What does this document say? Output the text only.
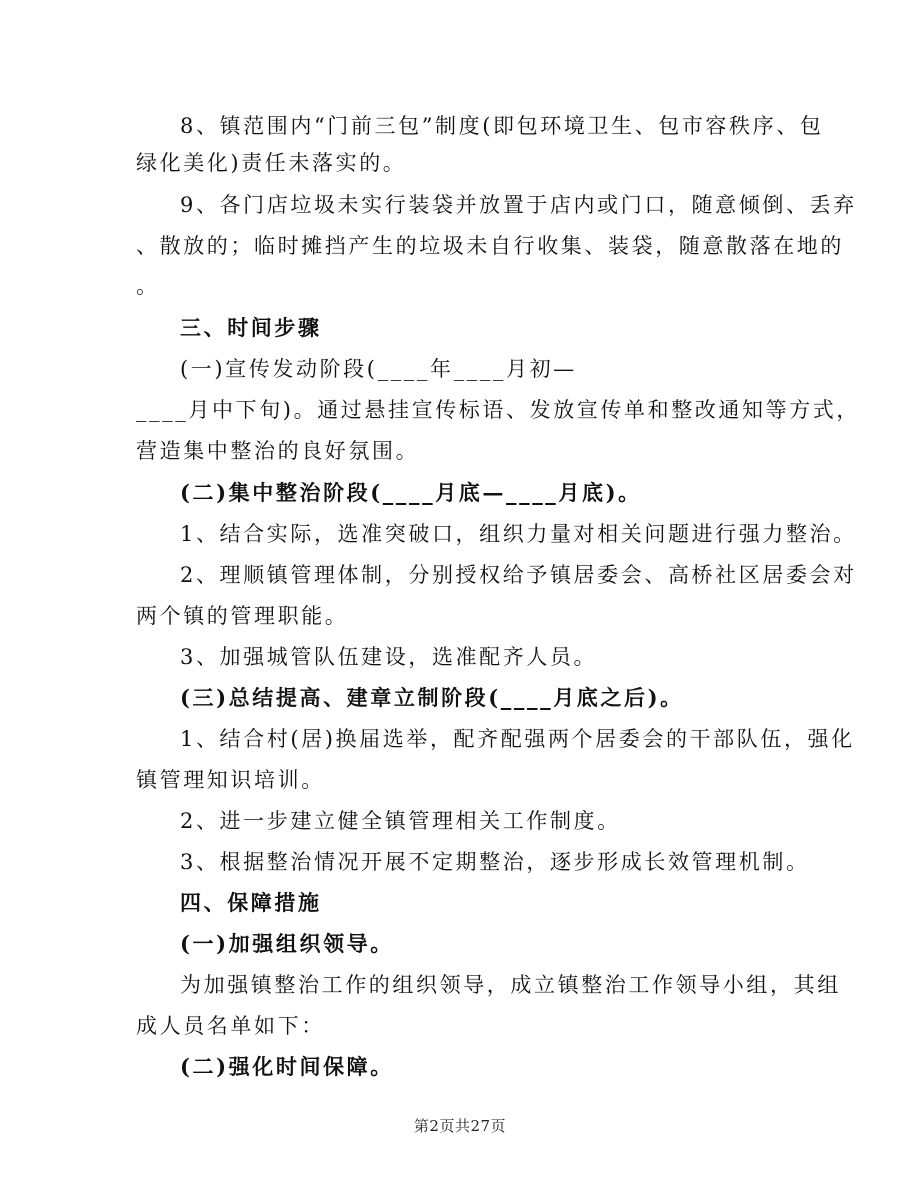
8、镇范围内“门前三包”制度(即包环境卫生、包市容秩序、包
绿化美化)责任未落实的。
9、各门店垃圾未实行装袋并放置于店内或门口，随意倾倒、丢弃
、散放的；临时摊挡产生的垃圾未自行收集、装袋，随意散落在地的
。
三、时间步骤
(一)宣传发动阶段(____年____月初—
____月中下旬)。通过悬挂宣传标语、发放宣传单和整改通知等方式，
营造集中整治的良好氛围。
(二)集中整治阶段(____月底—____月底)。
1、结合实际，选准突破口，组织力量对相关问题进行强力整治。
2、理顺镇管理体制，分别授权给予镇居委会、高桥社区居委会对
两个镇的管理职能。
3、加强城管队伍建设，选准配齐人员。
(三)总结提高、建章立制阶段(____月底之后)。
1、结合村(居)换届选举，配齐配强两个居委会的干部队伍，强化
镇管理知识培训。
2、进一步建立健全镇管理相关工作制度。
3、根据整治情况开展不定期整治，逐步形成长效管理机制。
四、保障措施
(一)加强组织领导。
为加强镇整治工作的组织领导，成立镇整治工作领导小组，其组
成人员名单如下：
(二)强化时间保障。
第2页共27页
